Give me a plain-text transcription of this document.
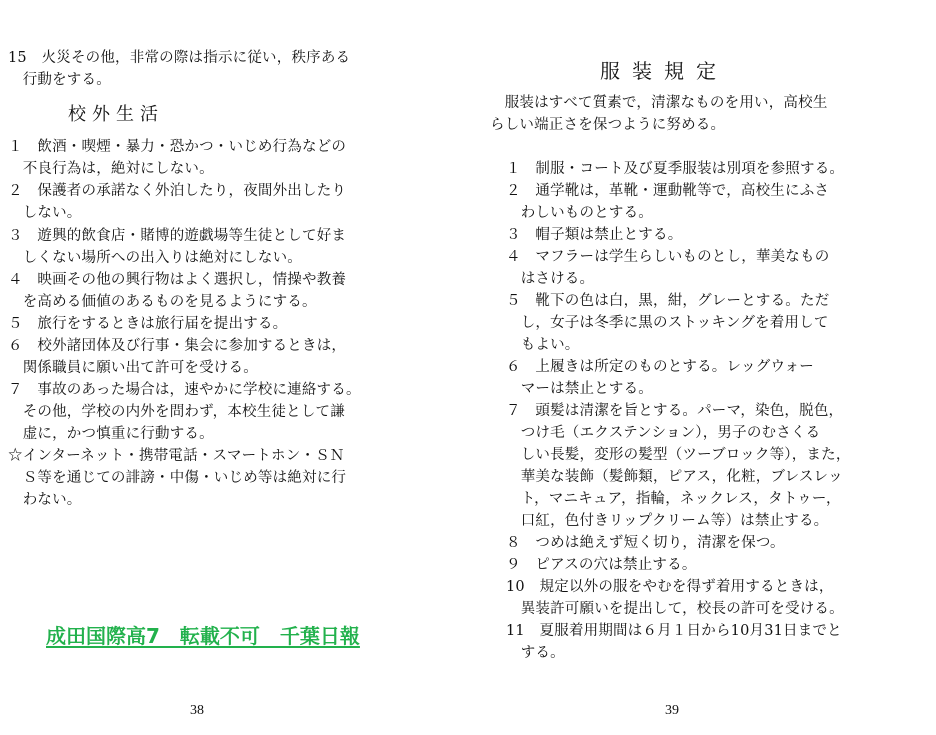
15　火災その他，非常の際は指示に従い，秩序ある
　行動をする。
校外生活
１　飲酒・喫煙・暴力・恐かつ・いじめ行為などの
　不良行為は，絶対にしない。
２　保護者の承諾なく外泊したり，夜間外出したり
　しない。
３　遊興的飲食店・賭博的遊戯場等生徒として好ま
　しくない場所への出入りは絶対にしない。
４　映画その他の興行物はよく選択し，情操や教養
　を高める価値のあるものを見るようにする。
５　旅行をするときは旅行届を提出する。
６　校外諸団体及び行事・集会に参加するときは，
　関係職員に願い出て許可を受ける。
７　事故のあった場合は，速やかに学校に連絡する。
　その他，学校の内外を問わず，本校生徒として謙
　虚に，かつ慎重に行動する。
☆インターネット・携帯電話・スマートホン・ＳＮ
　Ｓ等を通じての誹謗・中傷・いじめ等は絶対に行
　わない。
成田国際高7　転載不可　千葉日報
38
服装規定
　服装はすべて質素で，清潔なものを用い，高校生
らしい端正さを保つように努める。
１　制服・コート及び夏季服装は別項を参照する。
２　通学靴は，革靴・運動靴等で，高校生にふさ
　わしいものとする。
３　帽子類は禁止とする。
４　マフラーは学生らしいものとし，華美なもの
　はさける。
５　靴下の色は白，黒，紺，グレーとする。ただ
　し，女子は冬季に黒のストッキングを着用して
　もよい。
６　上履きは所定のものとする。レッグウォー
　マーは禁止とする。
７　頭髪は清潔を旨とする。パーマ，染色，脱色，
　つけ毛（エクステンション），男子のむさくる
　しい長髪，変形の髪型（ツーブロック等），また，
　華美な装飾（髪飾類，ピアス，化粧，ブレスレッ
　ト，マニキュア，指輪，ネックレス，タトゥー，
　口紅，色付きリップクリーム等）は禁止する。
８　つめは絶えず短く切り，清潔を保つ。
９　ピアスの穴は禁止する。
10　規定以外の服をやむを得ず着用するときは，
　異装許可願いを提出して，校長の許可を受ける。
11　夏服着用期間は６月１日から10月31日までと
　する。
39
